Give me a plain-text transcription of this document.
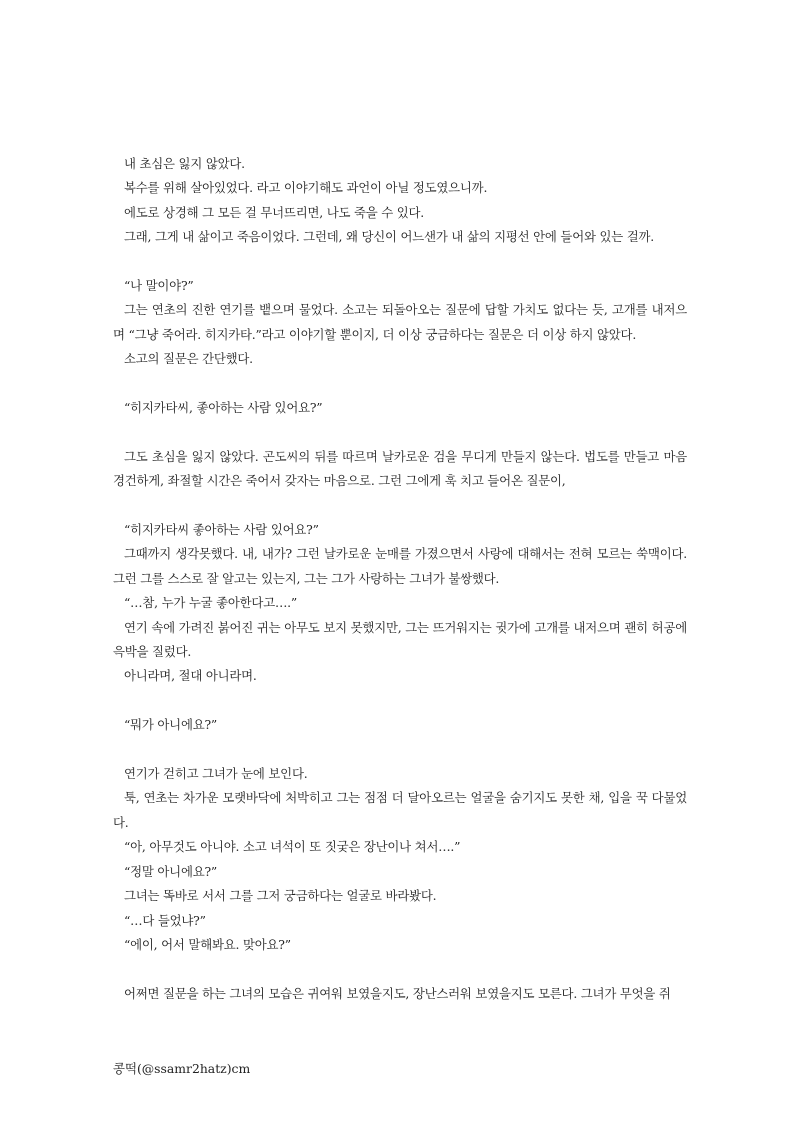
내 초심은 잃지 않았다.
복수를 위해 살아있었다. 라고 이야기해도 과언이 아닐 정도였으니까.
에도로 상경해 그 모든 걸 무너뜨리면, 나도 죽을 수 있다.
그래, 그게 내 삶이고 죽음이었다. 그런데, 왜 당신이 어느샌가 내 삶의 지평선 안에 들어와 있는 걸까.
“나 말이야?”
그는 연초의 진한 연기를 뱉으며 물었다. 소고는 되돌아오는 질문에 답할 가치도 없다는 듯, 고개를 내저으며 “그냥 죽어라. 히지카타.”라고 이야기할 뿐이지, 더 이상 궁금하다는 질문은 더 이상 하지 않았다.
소고의 질문은 간단했다.
“히지카타씨, 좋아하는 사람 있어요?”
그도 초심을 잃지 않았다. 곤도씨의 뒤를 따르며 날카로운 검을 무디게 만들지 않는다. 법도를 만들고 마음 경건하게, 좌절할 시간은 죽어서 갖자는 마음으로. 그런 그에게 훅 치고 들어온 질문이,
“히지카타씨 좋아하는 사람 있어요?”
그때까지 생각못했다. 내, 내가? 그런 날카로운 눈매를 가졌으면서 사랑에 대해서는 전혀 모르는 쑥맥이다. 그런 그를 스스로 잘 알고는 있는지, 그는 그가 사랑하는 그녀가 불쌍했다.
“…참, 누가 누굴 좋아한다고….”
연기 속에 가려진 붉어진 귀는 아무도 보지 못했지만, 그는 뜨거워지는 귓가에 고개를 내저으며 괜히 허공에 윽박을 질렀다.
아니라며, 절대 아니라며.
“뭐가 아니에요?”
연기가 걷히고 그녀가 눈에 보인다.
툭, 연초는 차가운 모랫바닥에 처박히고 그는 점점 더 달아오르는 얼굴을 숨기지도 못한 채, 입을 꾹 다물었다.
“아, 아무것도 아니야. 소고 녀석이 또 짓궂은 장난이나 쳐서….”
“정말 아니에요?”
그녀는 똑바로 서서 그를 그저 궁금하다는 얼굴로 바라봤다.
“…다 들었냐?”
“에이, 어서 말해봐요. 맞아요?”
어쩌면 질문을 하는 그녀의 모습은 귀여워 보였을지도, 장난스러워 보였을지도 모른다. 그녀가 무엇을 쥐
콩떡(@ssamr2hatz)cm
